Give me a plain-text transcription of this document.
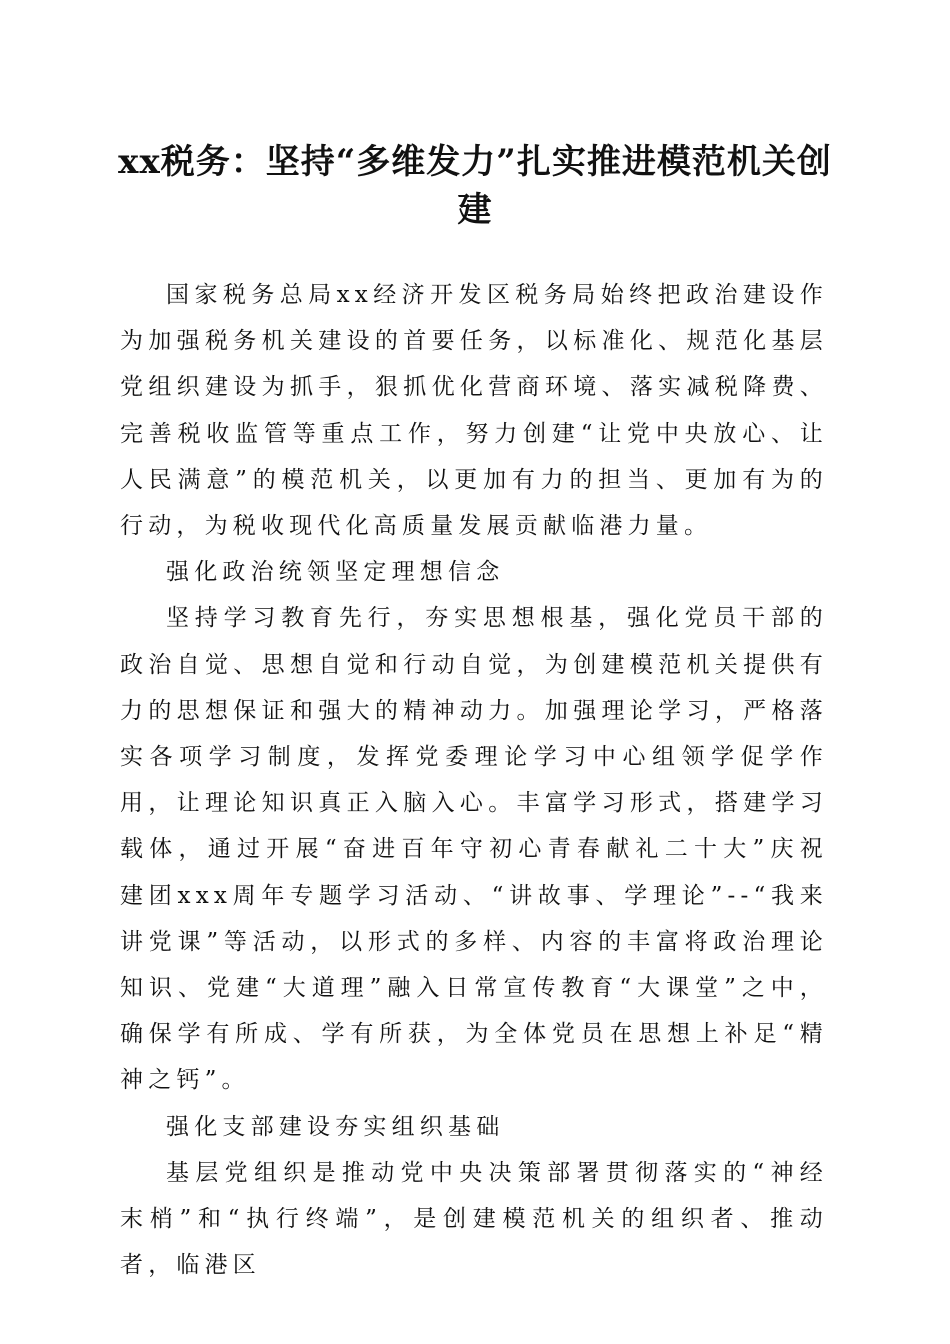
xx税务：坚持“多维发力”扎实推进模范机关创建

国家税务总局xx经济开发区税务局始终把政治建设作为加强税务机关建设的首要任务，以标准化、规范化基层党组织建设为抓手，狠抓优化营商环境、落实减税降费、完善税收监管等重点工作，努力创建“让党中央放心、让人民满意”的模范机关，以更加有力的担当、更加有为的行动，为税收现代化高质量发展贡献临港力量。

强化政治统领坚定理想信念

坚持学习教育先行，夯实思想根基，强化党员干部的政治自觉、思想自觉和行动自觉，为创建模范机关提供有力的思想保证和强大的精神动力。加强理论学习，严格落实各项学习制度，发挥党委理论学习中心组领学促学作用，让理论知识真正入脑入心。丰富学习形式，搭建学习载体，通过开展“奋进百年守初心青春献礼二十大”庆祝建团xxx周年专题学习活动、“讲故事、学理论”--“我来讲党课”等活动，以形式的多样、内容的丰富将政治理论知识、党建“大道理”融入日常宣传教育“大课堂”之中，确保学有所成、学有所获，为全体党员在思想上补足“精神之钙”。

强化支部建设夯实组织基础

基层党组织是推动党中央决策部署贯彻落实的“神经末梢”和“执行终端”，是创建模范机关的组织者、推动者，临港区
